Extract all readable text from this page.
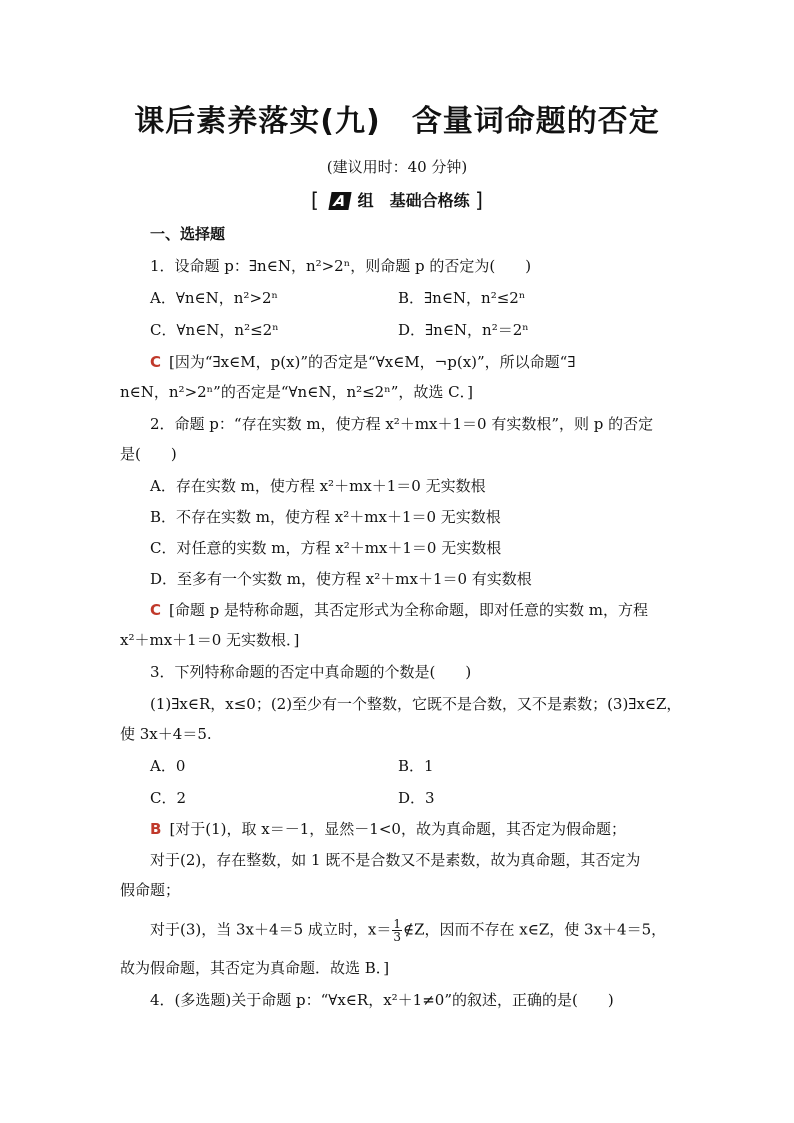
课后素养落实(九)　含量词命题的否定
(建议用时：40 分钟)
[ A 组　基础合格练 ]
一、选择题
1．设命题 p：∃n∈N，n²>2ⁿ，则命题 p 的否定为(　　)
A．∀n∈N，n²>2ⁿ	B．∃n∈N，n²≤2ⁿ
C．∀n∈N，n²≤2ⁿ	D．∃n∈N，n²＝2ⁿ
C [因为“∃x∈M，p(x)”的否定是“∀x∈M，¬p(x)”，所以命题“∃
n∈N，n²>2ⁿ”的否定是“∀n∈N，n²≤2ⁿ”，故选 C．]
2．命题 p：“存在实数 m，使方程 x²＋mx＋1＝0 有实数根”，则 p 的否定
是(　　)
A．存在实数 m，使方程 x²＋mx＋1＝0 无实数根
B．不存在实数 m，使方程 x²＋mx＋1＝0 无实数根
C．对任意的实数 m，方程 x²＋mx＋1＝0 无实数根
D．至多有一个实数 m，使方程 x²＋mx＋1＝0 有实数根
C [命题 p 是特称命题，其否定形式为全称命题，即对任意的实数 m，方程
x²＋mx＋1＝0 无实数根．]
3．下列特称命题的否定中真命题的个数是(　　)
(1)∃x∈R，x≤0；(2)至少有一个整数，它既不是合数，又不是素数；(3)∃x∈Z，
使 3x＋4＝5.
A．0	B．1
C．2	D．3
B [对于(1)，取 x＝－1，显然－1<0，故为真命题，其否定为假命题；
对于(2)，存在整数，如 1 既不是合数又不是素数，故为真命题，其否定为
假命题；
对于(3)，当 3x＋4＝5 成立时，$x= \frac{1}{3}$ ∉Z，因而不存在 x∈Z，使 3x＋4＝5，
故为假命题，其否定为真命题．故选 B．]
4．(多选题)关于命题 p：“∀x∈R，x²＋1≠0”的叙述，正确的是(　　)
